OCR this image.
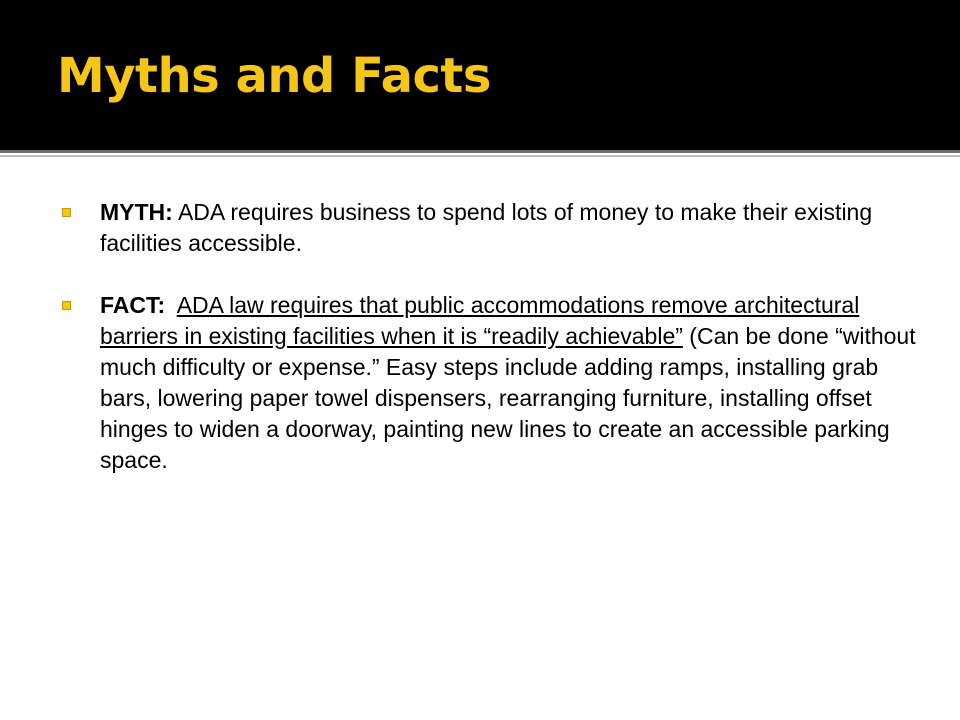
Myths and Facts
MYTH: ADA requires business to spend lots of money to make their existing facilities accessible.
FACT: ADA law requires that public accommodations remove architectural barriers in existing facilities when it is “readily achievable” (Can be done “without much difficulty or expense.” Easy steps include adding ramps, installing grab bars, lowering paper towel dispensers, rearranging furniture, installing offset hinges to widen a doorway, painting new lines to create an accessible parking space.
